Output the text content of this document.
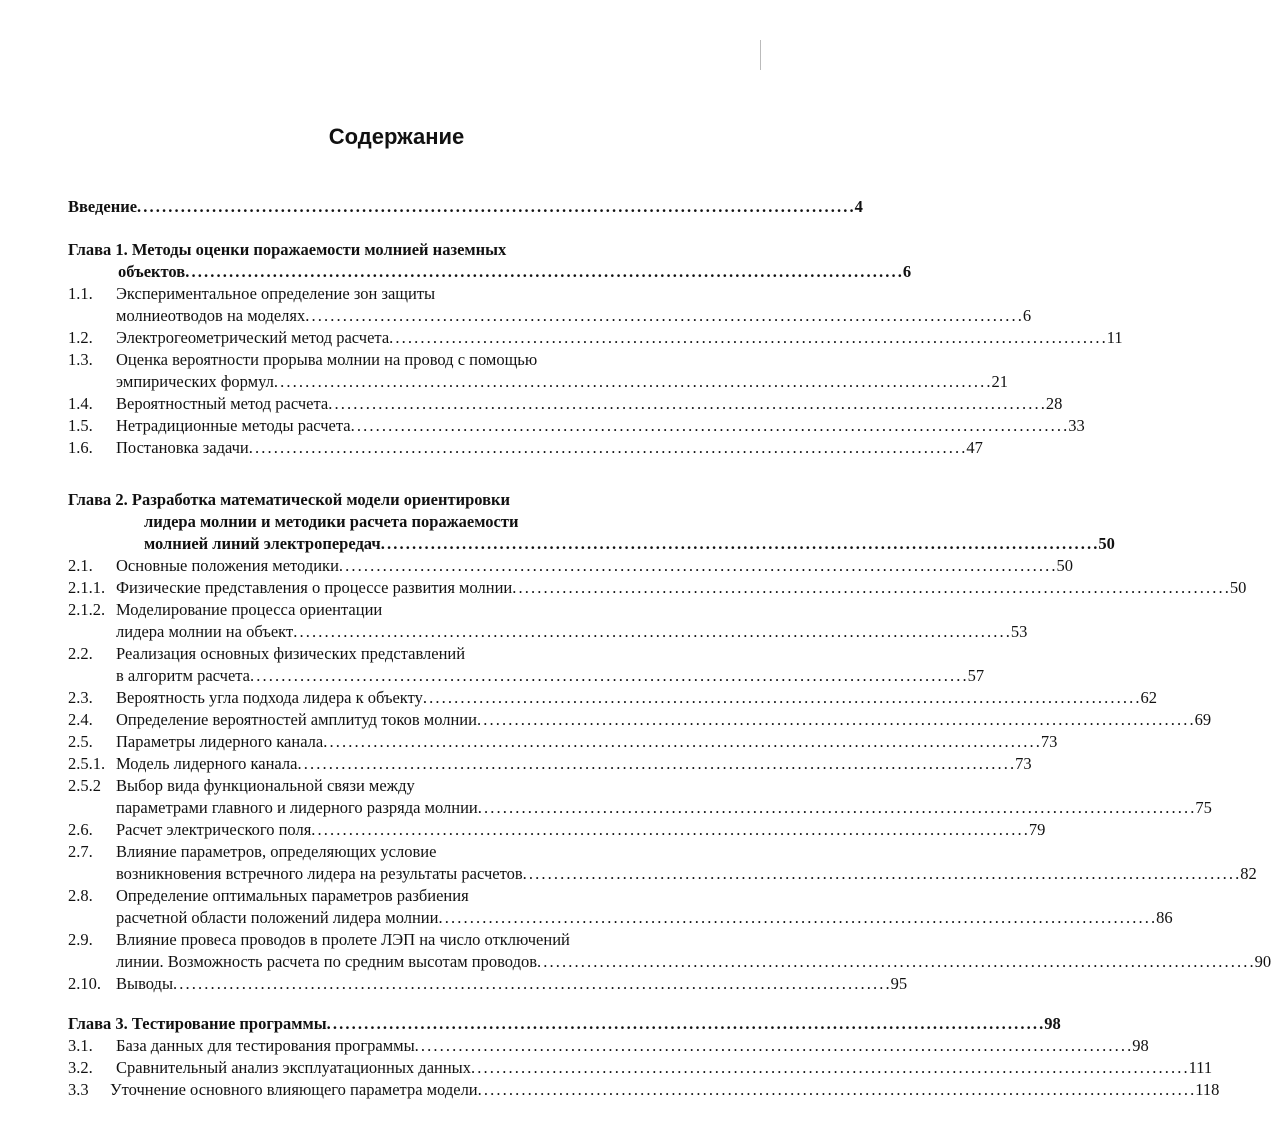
Содержание
Введение . . .	4
Глава 1. Методы оценки поражаемости молнией наземных
объектов . . .	6
1.1.	Экспериментальное определение зон защиты
молниеотводов на моделях . . .	6
1.2.	Электрогеометрический метод расчета . . .	11
1.3.	Оценка вероятности прорыва молнии на провод с помощью
эмпирических формул . . .	21
1.4.	Вероятностный метод расчета . . .	28
1.5.	Нетрадиционные методы расчета . . .	33
1.6.	Постановка задачи . . .	47
Глава 2. Разработка математической модели ориентировки
лидера молнии и методики расчета поражаемости
молнией линий электропередач . . .	50
2.1.	Основные положения методики . . .	50
2.1.1. Физические представления о процессе развития молнии . . .	50
2.1.2. Моделирование процесса ориентации
лидера молнии на объект . . .	53
2.2.	Реализация основных физических представлений
в алгоритм расчета . . .	57
2.3.	Вероятность угла подхода лидера к объекту . . .	62
2.4.	Определение вероятностей амплитуд токов молнии . . .	69
2.5.	Параметры лидерного канала . . .	73
2.5.1. Модель лидерного канала . . .	73
2.5.2 Выбор вида функциональной связи между
параметрами главного и лидерного разряда молнии . . .	75
2.6.	Расчет электрического поля . . .	79
2.7.	Влияние параметров, определяющих условие
возникновения встречного лидера на результаты расчетов . . .	82
2.8.	Определение оптимальных параметров разбиения
расчетной области положений лидера молнии . . .	86
2.9.	Влияние провеса проводов в пролете ЛЭП на число отключений
линии. Возможность расчета по средним высотам проводов . . .	90
2.10. Выводы . . .	95
Глава 3. Тестирование программы . . .	98
3.1.	База данных для тестирования программы . . .	98
3.2.	Сравнительный анализ эксплуатационных данных . . .	111
3.3	Уточнение основного влияющего параметра модели . . .	118
